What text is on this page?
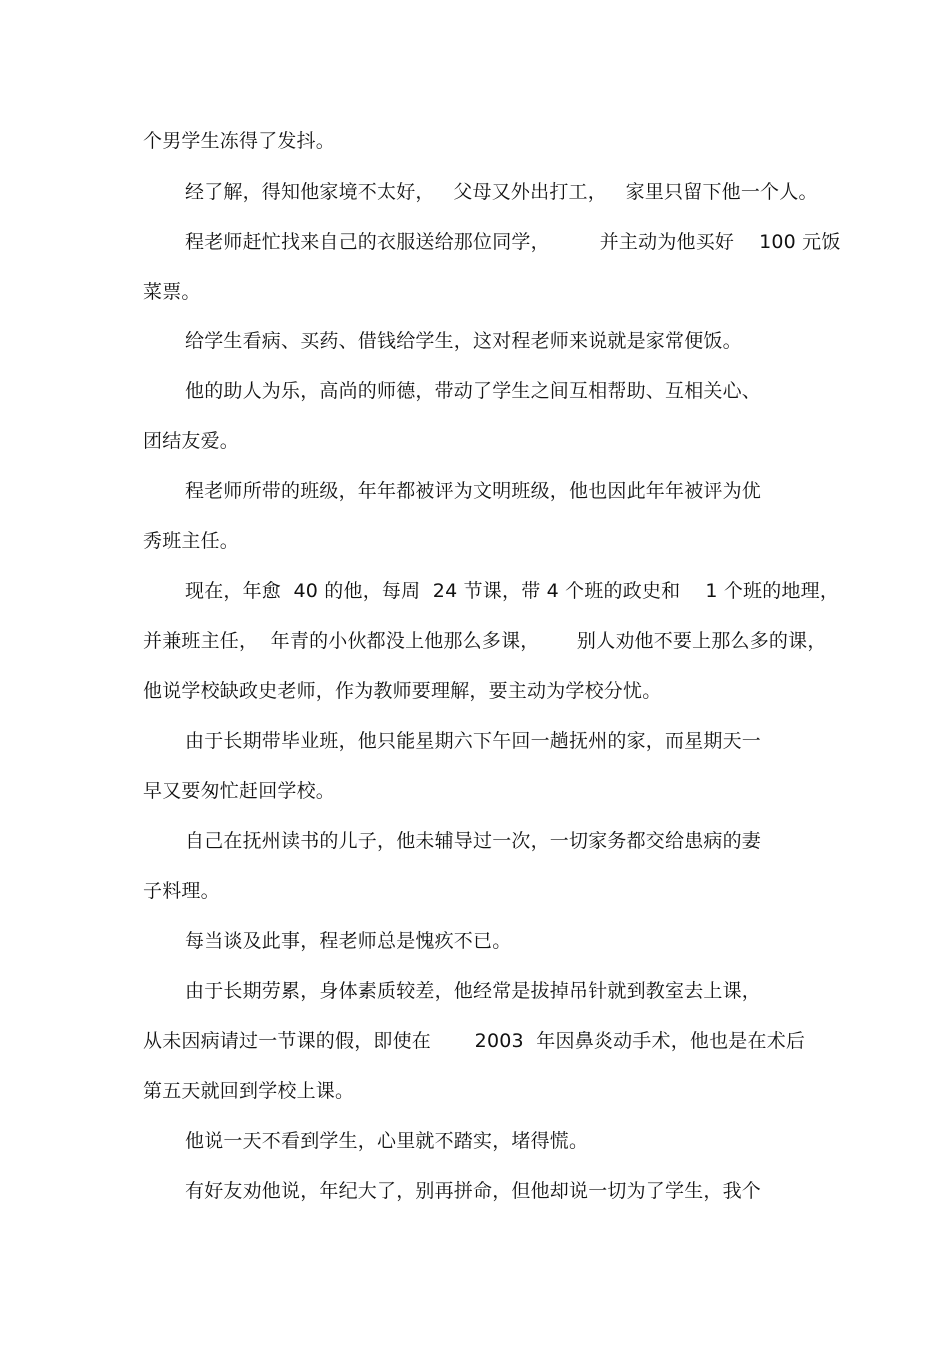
个男学生冻得了发抖。
经了解，得知他家境不太好，   父母又外出打工，   家里只留下他一个人。
程老师赶忙找来自己的衣服送给那位同学，        并主动为他买好    100 元饭
菜票。
给学生看病、买药、借钱给学生，这对程老师来说就是家常便饭。
他的助人为乐，高尚的师德，带动了学生之间互相帮助、互相关心、
团结友爱。
程老师所带的班级，年年都被评为文明班级，他也因此年年被评为优
秀班主任。
现在，年愈  40 的他，每周  24 节课，带 4 个班的政史和    1 个班的地理，
并兼班主任，  年青的小伙都没上他那么多课，      别人劝他不要上那么多的课，
他说学校缺政史老师，作为教师要理解，要主动为学校分忧。
由于长期带毕业班，他只能星期六下午回一趟抚州的家，而星期天一
早又要匆忙赶回学校。
自己在抚州读书的儿子，他未辅导过一次，一切家务都交给患病的妻
子料理。
每当谈及此事，程老师总是愧疚不已。
由于长期劳累，身体素质较差，他经常是拔掉吊针就到教室去上课，
从未因病请过一节课的假，即使在       2003  年因鼻炎动手术，他也是在术后
第五天就回到学校上课。
他说一天不看到学生，心里就不踏实，堵得慌。
有好友劝他说，年纪大了，别再拼命，但他却说一切为了学生，我个
